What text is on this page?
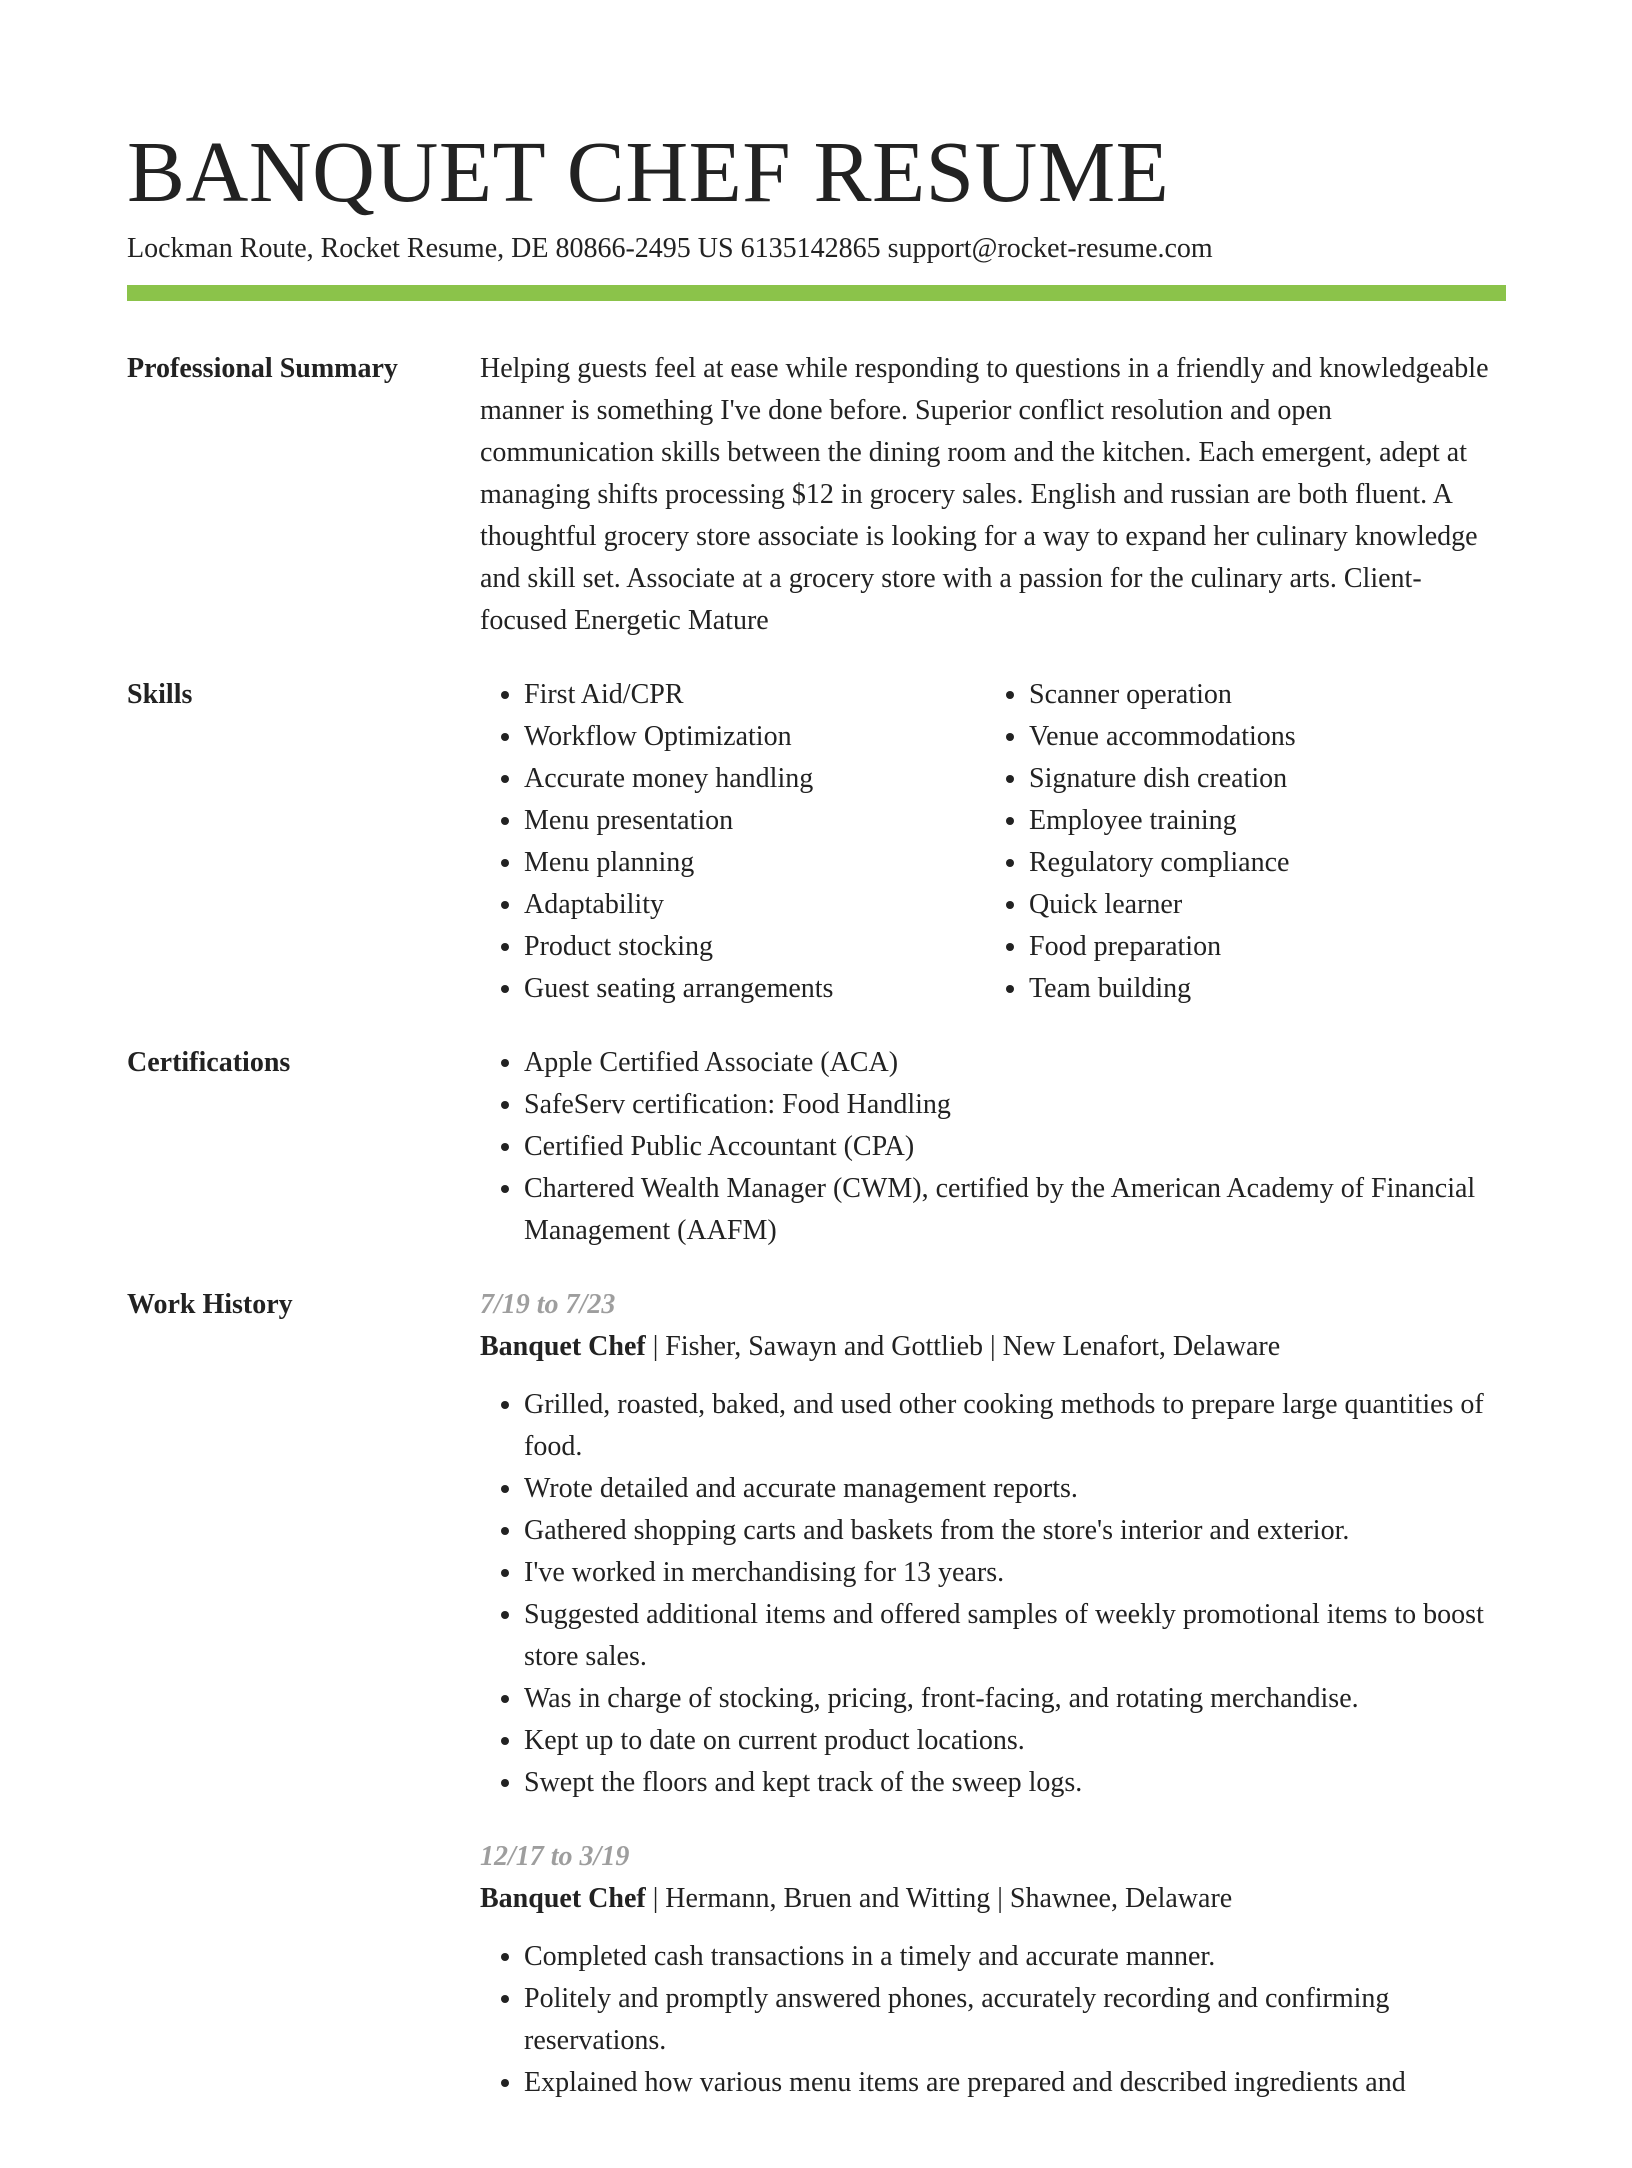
BANQUET CHEF RESUME
Lockman Route, Rocket Resume, DE 80866-2495 US 6135142865 support@rocket-resume.com
Professional Summary	Helping guests feel at ease while responding to questions in a friendly and knowledgeable manner is something I've done before. Superior conflict resolution and open communication skills between the dining room and the kitchen. Each emergent, adept at managing shifts processing $12 in grocery sales. English and russian are both fluent. A thoughtful grocery store associate is looking for a way to expand her culinary knowledge and skill set. Associate at a grocery store with a passion for the culinary arts. Client-focused Energetic Mature

Skills	• First Aid/CPR
• Workflow Optimization
• Accurate money handling
• Menu presentation
• Menu planning
• Adaptability
• Product stocking
• Guest seating arrangements
• Scanner operation
• Venue accommodations
• Signature dish creation
• Employee training
• Regulatory compliance
• Quick learner
• Food preparation
• Team building
Certifications	• Apple Certified Associate (ACA)
• SafeServ certification: Food Handling
• Certified Public Accountant (CPA)
• Chartered Wealth Manager (CWM), certified by the American Academy of Financial Management (AAFM)
Work History	7/19 to 7/23
Banquet Chef | Fisher, Sawayn and Gottlieb | New Lenafort, Delaware
• Grilled, roasted, baked, and used other cooking methods to prepare large quantities of food.
• Wrote detailed and accurate management reports.
• Gathered shopping carts and baskets from the store's interior and exterior.
• I've worked in merchandising for 13 years.
• Suggested additional items and offered samples of weekly promotional items to boost store sales.
• Was in charge of stocking, pricing, front-facing, and rotating merchandise.
• Kept up to date on current product locations.
• Swept the floors and kept track of the sweep logs.
12/17 to 3/19
Banquet Chef | Hermann, Bruen and Witting | Shawnee, Delaware
• Completed cash transactions in a timely and accurate manner.
• Politely and promptly answered phones, accurately recording and confirming reservations.
• Explained how various menu items are prepared and described ingredients and
